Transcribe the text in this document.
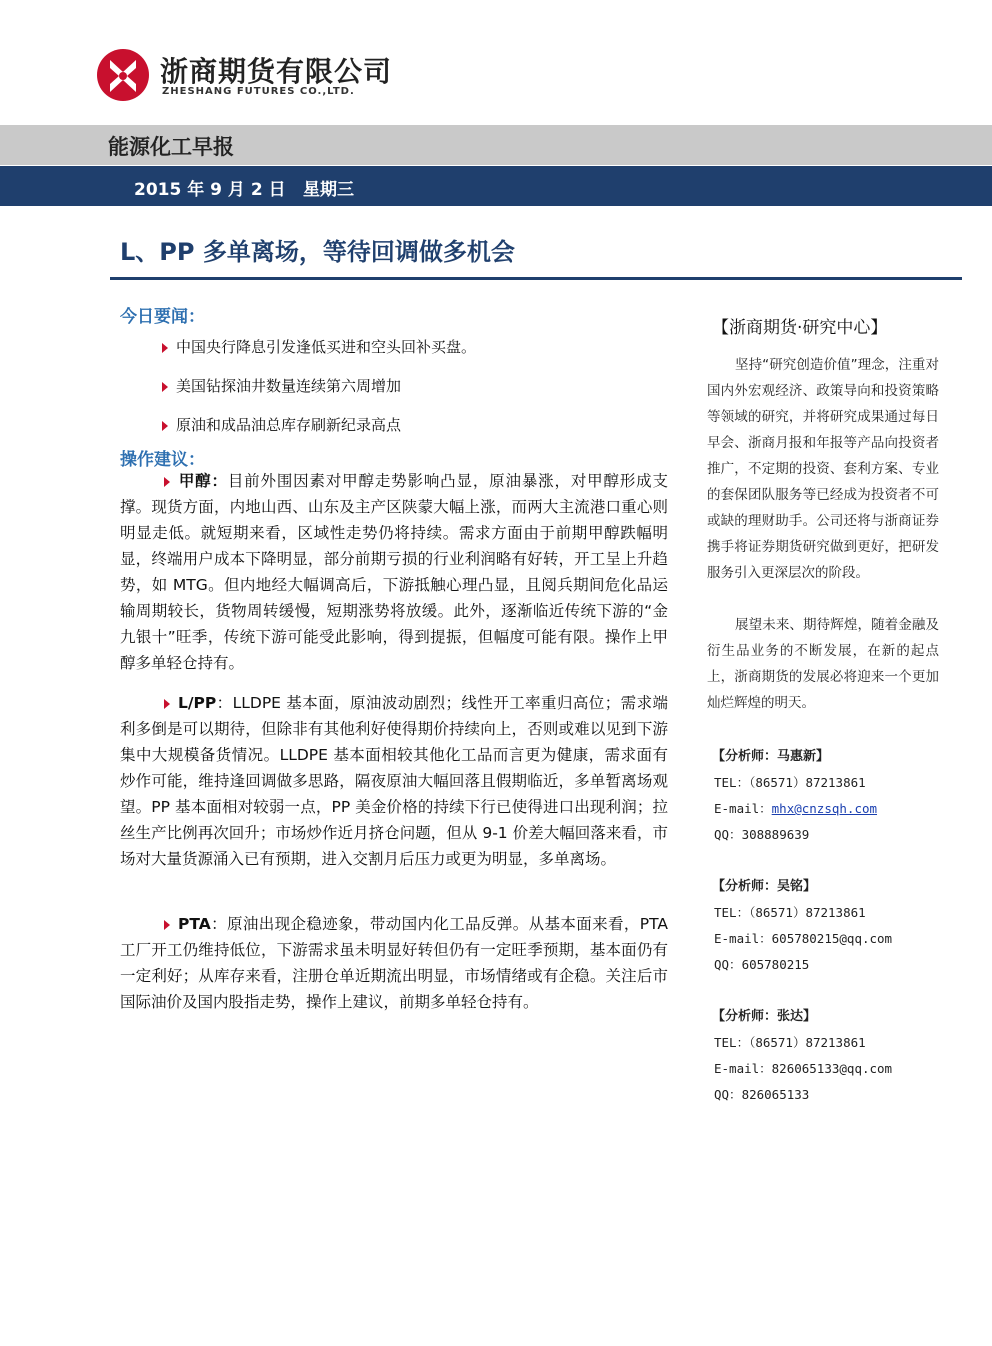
浙商期货有限公司
ZHESHANG FUTURES CO.,LTD.
能源化工早报
2015 年 9 月 2 日 星期三
L、PP 多单离场，等待回调做多机会
今日要闻：
中国央行降息引发逢低买进和空头回补买盘。
美国钻探油井数量连续第六周增加
原油和成品油总库存刷新纪录高点
操作建议：
甲醇：目前外围因素对甲醇走势影响凸显，原油暴涨，对甲醇形成支撑。现货方面，内地山西、山东及主产区陕蒙大幅上涨，而两大主流港口重心则明显走低。就短期来看，区域性走势仍将持续。需求方面由于前期甲醇跌幅明显，终端用户成本下降明显，部分前期亏损的行业利润略有好转，开工呈上升趋势，如 MTG。但内地经大幅调高后，下游抵触心理凸显，且阅兵期间危化品运输周期较长，货物周转缓慢，短期涨势将放缓。此外，逐渐临近传统下游的“金九银十”旺季，传统下游可能受此影响，得到提振，但幅度可能有限。操作上甲醇多单轻仓持有。
L/PP：LLDPE 基本面，原油波动剧烈；线性开工率重归高位；需求端利多倒是可以期待，但除非有其他利好使得期价持续向上，否则或难以见到下游集中大规模备货情况。LLDPE 基本面相较其他化工品而言更为健康，需求面有炒作可能，维持逢回调做多思路，隔夜原油大幅回落且假期临近，多单暂离场观望。PP 基本面相对较弱一点，PP 美金价格的持续下行已使得进口出现利润；拉丝生产比例再次回升；市场炒作近月挤仓问题，但从 9-1 价差大幅回落来看，市场对大量货源涌入已有预期，进入交割月后压力或更为明显，多单离场。
PTA：原油出现企稳迹象，带动国内化工品反弹。从基本面来看，PTA 工厂开工仍维持低位，下游需求虽未明显好转但仍有一定旺季预期，基本面仍有一定利好；从库存来看，注册仓单近期流出明显，市场情绪或有企稳。关注后市国际油价及国内股指走势，操作上建议，前期多单轻仓持有。
【浙商期货·研究中心】
坚持“研究创造价值”理念，注重对国内外宏观经济、政策导向和投资策略等领域的研究，并将研究成果通过每日早会、浙商月报和年报等产品向投资者推广，不定期的投资、套利方案、专业的套保团队服务等已经成为投资者不可或缺的理财助手。公司还将与浙商证券携手将证券期货研究做到更好，把研发服务引入更深层次的阶段。
展望未来、期待辉煌，随着金融及衍生品业务的不断发展，在新的起点上，浙商期货的发展必将迎来一个更加灿烂辉煌的明天。
【分析师：马惠新】
TEL：（86571）87213861
E-mail：mhx@cnzsqh.com
QQ：308889639
【分析师：吴铭】
TEL：（86571）87213861
E-mail：605780215@qq.com
QQ：605780215
【分析师：张达】
TEL：（86571）87213861
E-mail：826065133@qq.com
QQ：826065133
